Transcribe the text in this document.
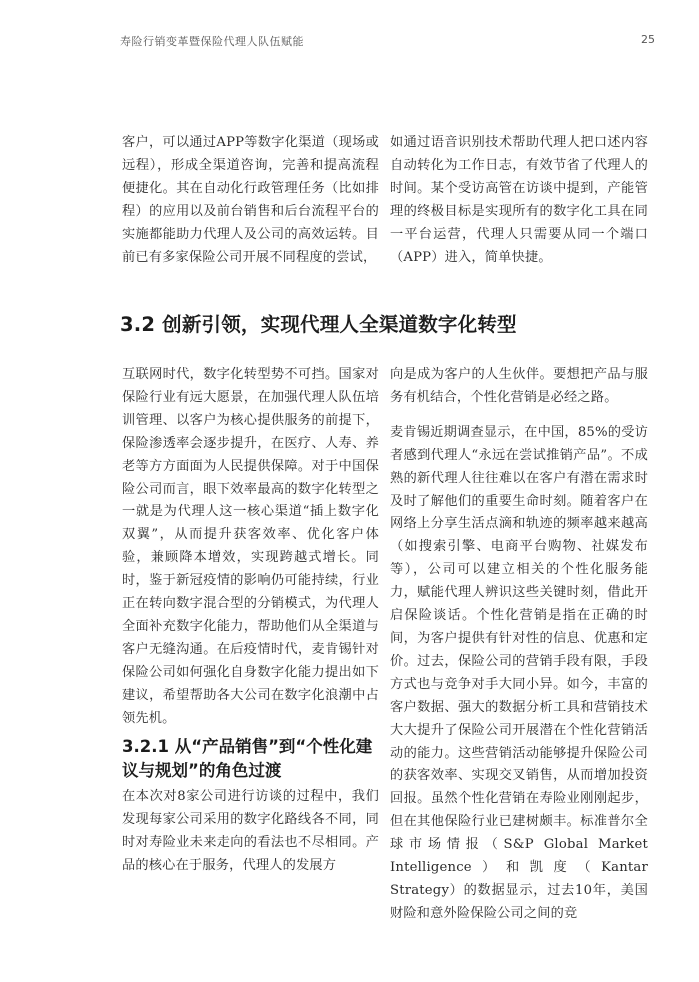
寿险行销变革暨保险代理人队伍赋能	25

客户，可以通过APP等数字化渠道（现场或远程），形成全渠道咨询，完善和提高流程便捷化。其在自动化行政管理任务（比如排程）的应用以及前台销售和后台流程平台的实施都能助力代理人及公司的高效运转。目前已有多家保险公司开展不同程度的尝试，

如通过语音识别技术帮助代理人把口述内容自动转化为工作日志，有效节省了代理人的时间。某个受访高管在访谈中提到，产能管理的终极目标是实现所有的数字化工具在同一平台运营，代理人只需要从同一个端口（APP）进入，简单快捷。

3.2 创新引领，实现代理人全渠道数字化转型

互联网时代，数字化转型势不可挡。国家对保险行业有远大愿景，在加强代理人队伍培训管理、以客户为核心提供服务的前提下，保险渗透率会逐步提升，在医疗、人寿、养老等方方面面为人民提供保障。对于中国保险公司而言，眼下效率最高的数字化转型之一就是为代理人这一核心渠道“插上数字化双翼”，从而提升获客效率、优化客户体验，兼顾降本增效，实现跨越式增长。同时，鉴于新冠疫情的影响仍可能持续，行业正在转向数字混合型的分销模式，为代理人全面补充数字化能力，帮助他们从全渠道与客户无缝沟通。在后疫情时代，麦肯锡针对保险公司如何强化自身数字化能力提出如下建议，希望帮助各大公司在数字化浪潮中占领先机。

3.2.1 从“产品销售”到“个性化建议与规划”的角色过渡

在本次对8家公司进行访谈的过程中，我们发现每家公司采用的数字化路线各不同，同时对寿险业未来走向的看法也不尽相同。产品的核心在于服务，代理人的发展方

向是成为客户的人生伙伴。要想把产品与服务有机结合，个性化营销是必经之路。

麦肯锡近期调查显示，在中国，85%的受访者感到代理人“永远在尝试推销产品”。不成熟的新代理人往往难以在客户有潜在需求时及时了解他们的重要生命时刻。随着客户在网络上分享生活点滴和轨迹的频率越来越高（如搜索引擎、电商平台购物、社媒发布等），公司可以建立相关的个性化服务能力，赋能代理人辨识这些关键时刻，借此开启保险谈话。个性化营销是指在正确的时间，为客户提供有针对性的信息、优惠和定价。过去，保险公司的营销手段有限，手段方式也与竞争对手大同小异。如今，丰富的客户数据、强大的数据分析工具和营销技术大大提升了保险公司开展潜在个性化营销活动的能力。这些营销活动能够提升保险公司的获客效率、实现交叉销售，从而增加投资回报。虽然个性化营销在寿险业刚刚起步，但在其他保险行业已建树颇丰。标准普尔全球市场情报（S&P Global Market Intelligence）和凯度（Kantar Strategy）的数据显示，过去10年，美国财险和意外险保险公司之间的竞
